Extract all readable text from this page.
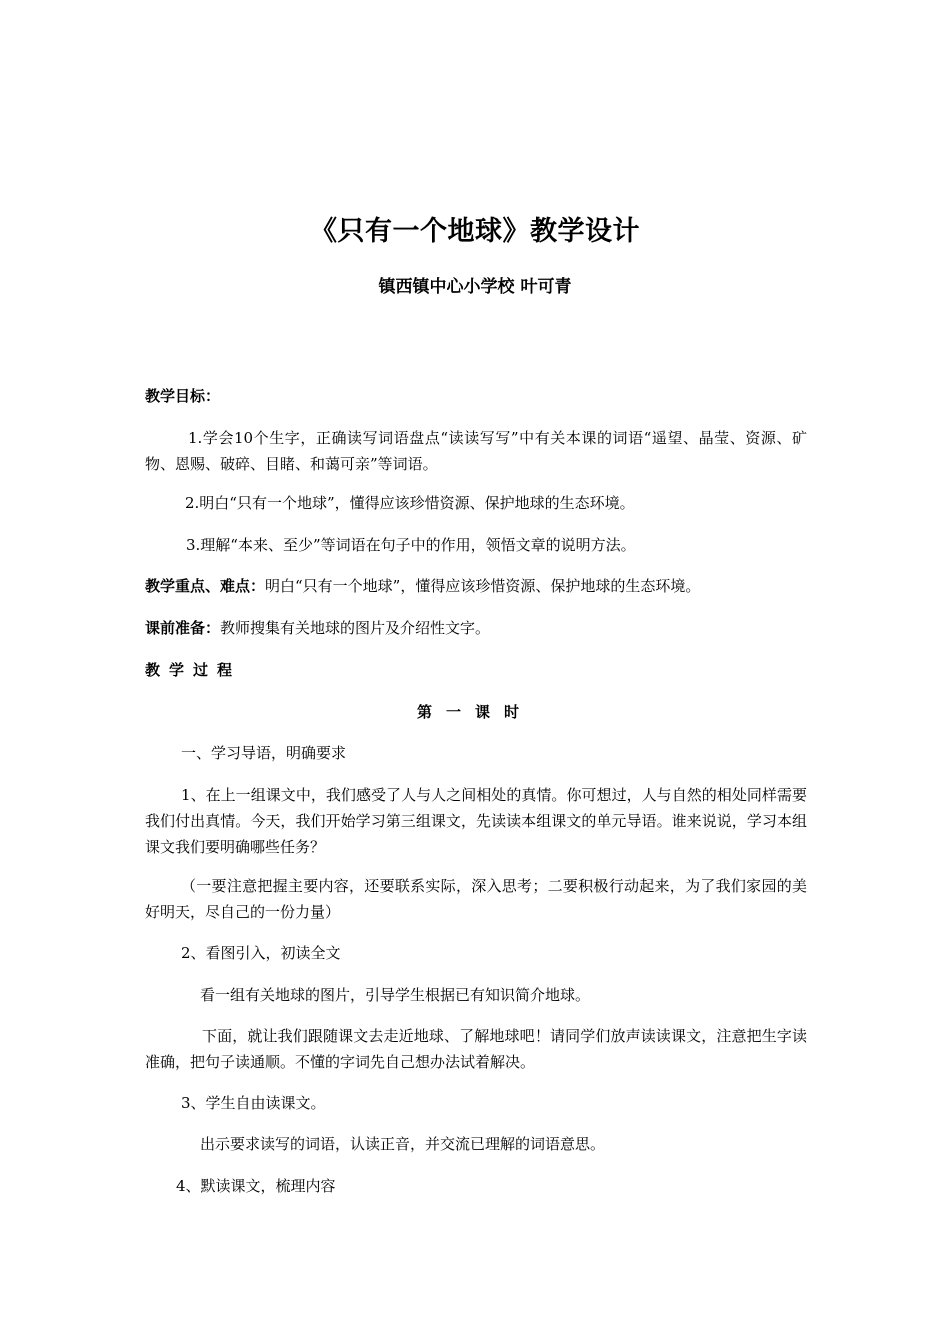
《只有一个地球》教学设计
镇西镇中心小学校 叶可青
教学目标：
1.学会10个生字，正确读写词语盘点“读读写写”中有关本课的词语“遥望、晶莹、资源、矿物、恩赐、破碎、目睹、和蔼可亲”等词语。
2.明白“只有一个地球”，懂得应该珍惜资源、保护地球的生态环境。
3.理解“本来、至少”等词语在句子中的作用，领悟文章的说明方法。
教学重点、难点：明白“只有一个地球”，懂得应该珍惜资源、保护地球的生态环境。
课前准备：教师搜集有关地球的图片及介绍性文字。
教学过程
第一课时
一、学习导语，明确要求
1、在上一组课文中，我们感受了人与人之间相处的真情。你可想过，人与自然的相处同样需要我们付出真情。今天，我们开始学习第三组课文，先读读本组课文的单元导语。谁来说说，学习本组课文我们要明确哪些任务？
（一要注意把握主要内容，还要联系实际，深入思考；二要积极行动起来，为了我们家园的美好明天，尽自己的一份力量）
2、看图引入，初读全文
看一组有关地球的图片，引导学生根据已有知识简介地球。
下面，就让我们跟随课文去走近地球、了解地球吧！请同学们放声读读课文，注意把生字读准确，把句子读通顺。不懂的字词先自己想办法试着解决。
3、学生自由读课文。
出示要求读写的词语，认读正音，并交流已理解的词语意思。
4、默读课文，梳理内容
